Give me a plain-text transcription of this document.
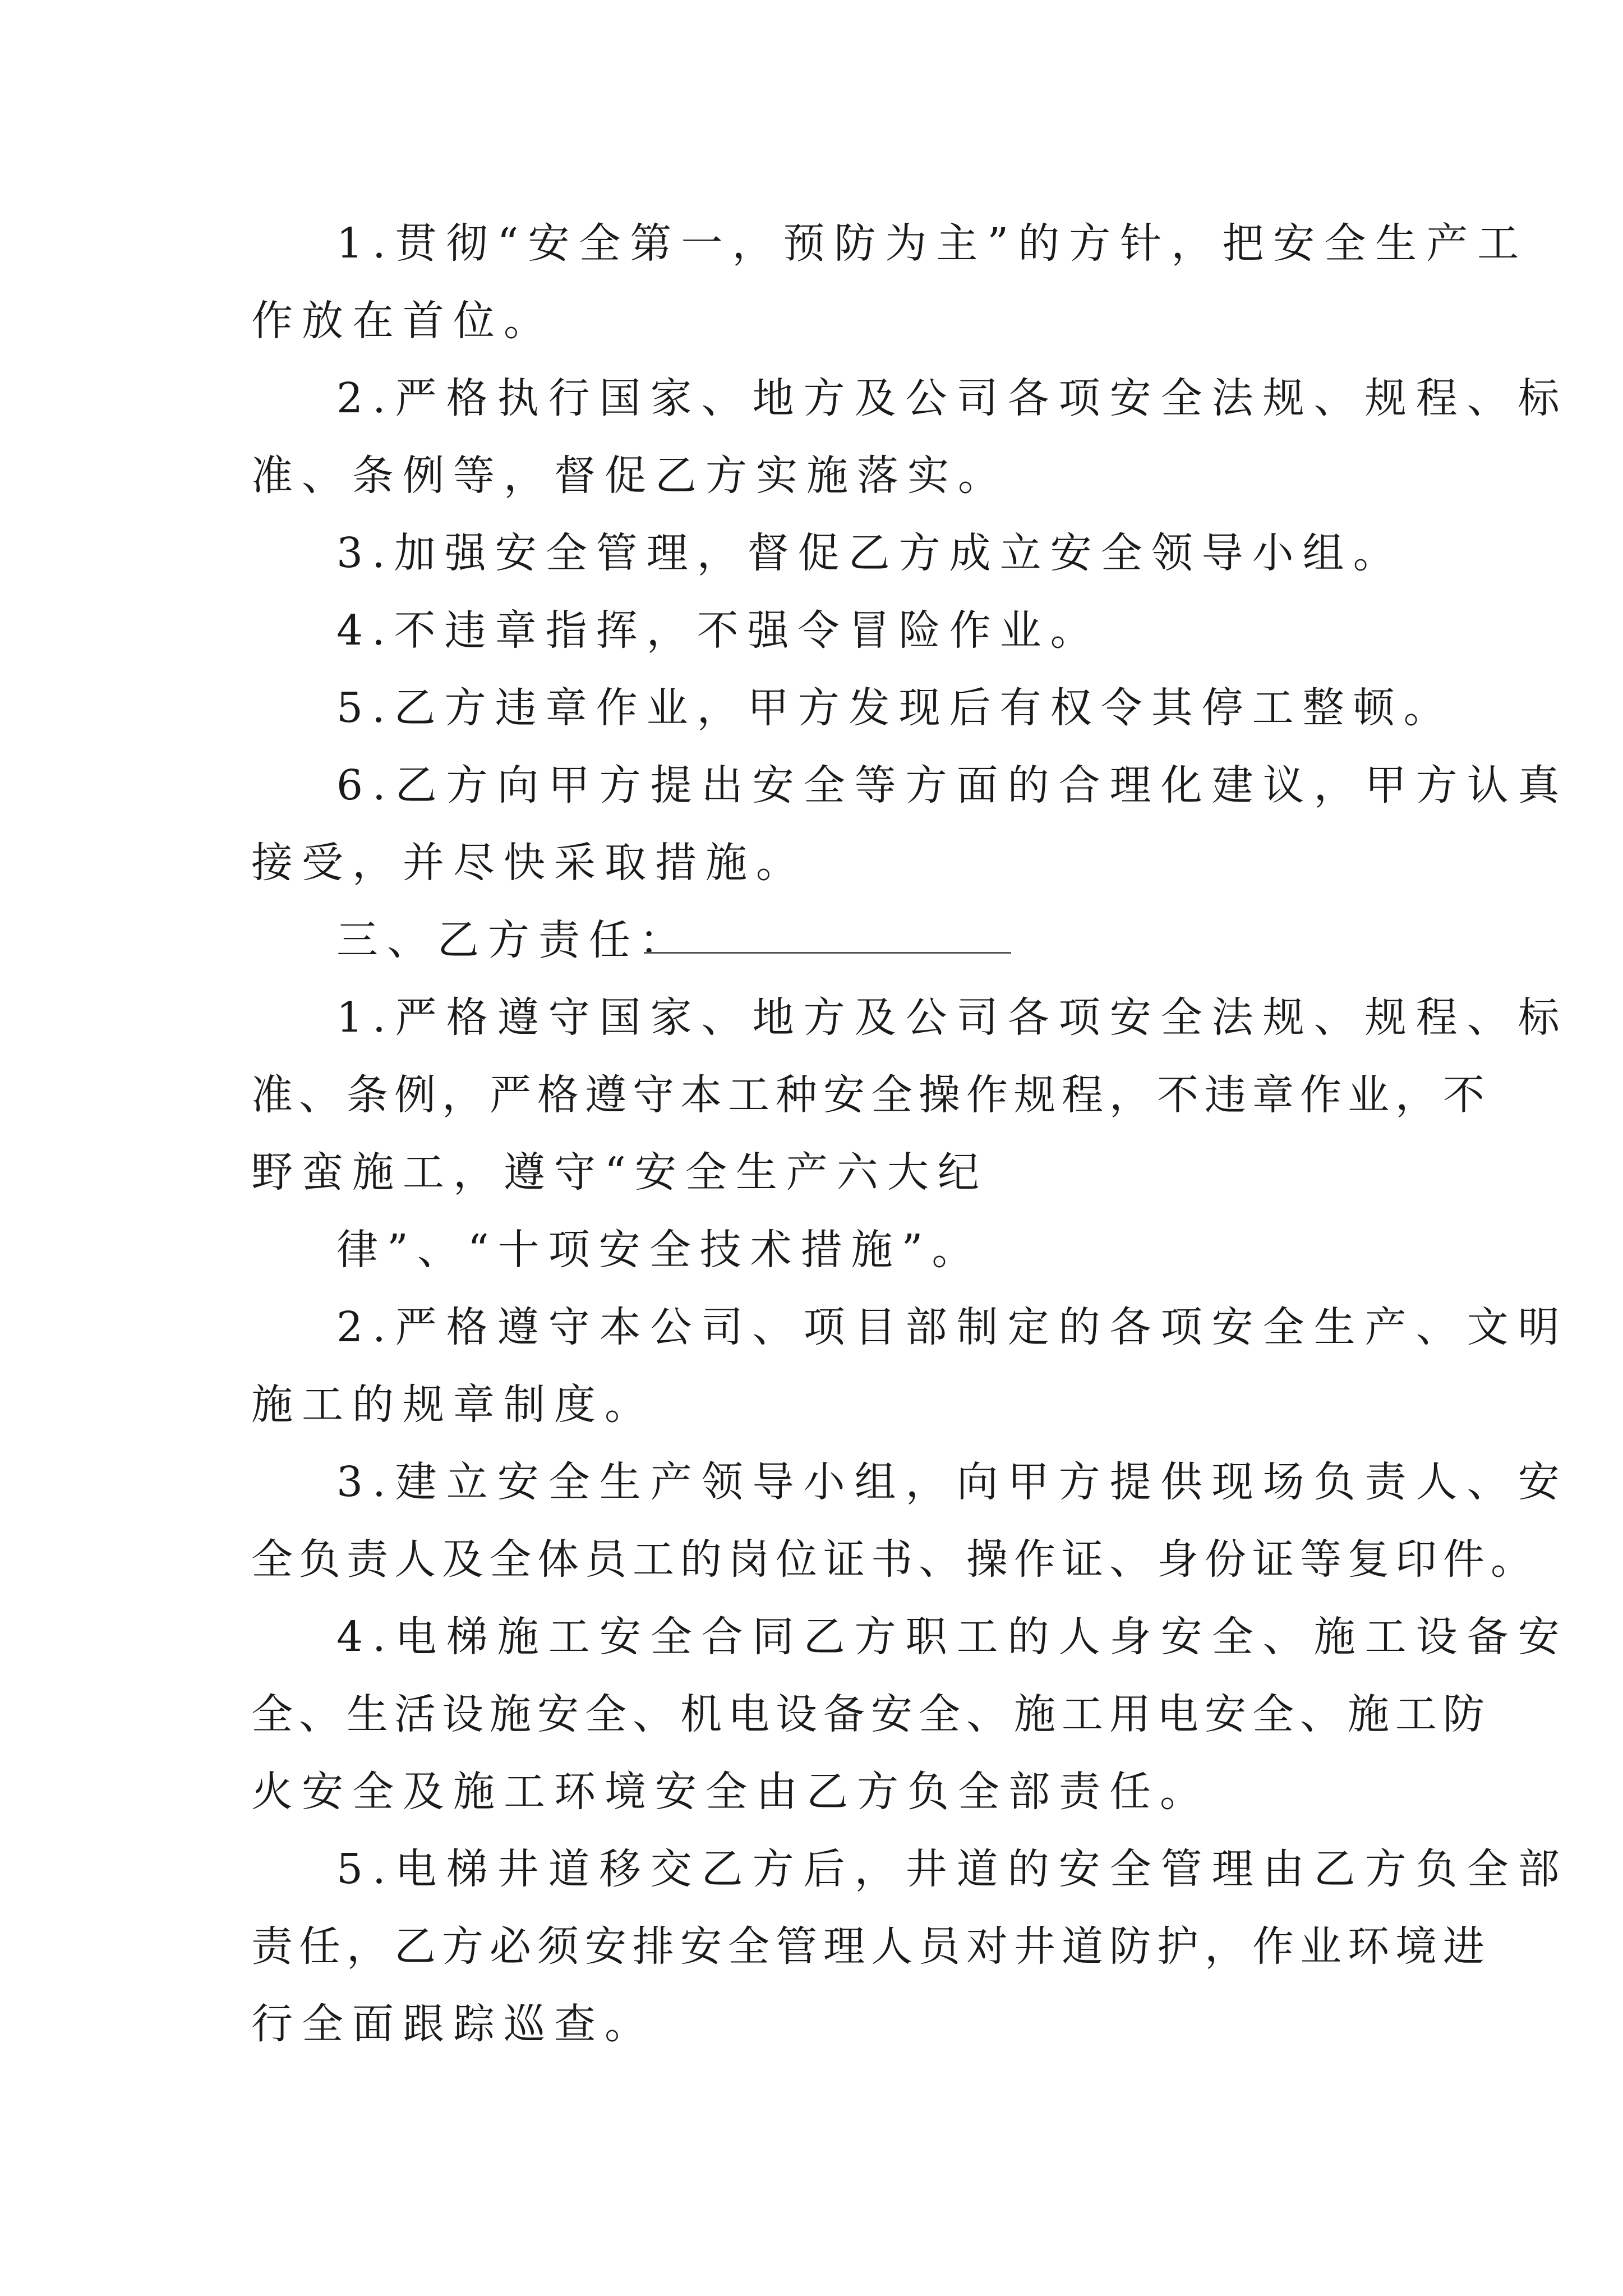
1.贯彻“安全第一，预防为主”的方针，把安全生产工
作放在首位。
2.严格执行国家、地方及公司各项安全法规、规程、标
准、条例等，督促乙方实施落实。
3.加强安全管理，督促乙方成立安全领导小组。
4.不违章指挥，不强令冒险作业。
5.乙方违章作业，甲方发现后有权令其停工整顿。
6.乙方向甲方提出安全等方面的合理化建议，甲方认真
接受，并尽快采取措施。
三、乙方责任：
1.严格遵守国家、地方及公司各项安全法规、规程、标
准、条例，严格遵守本工种安全操作规程，不违章作业，不
野蛮施工，遵守“安全生产六大纪
律”、“十项安全技术措施”。
2.严格遵守本公司、项目部制定的各项安全生产、文明
施工的规章制度。
3.建立安全生产领导小组，向甲方提供现场负责人、安
全负责人及全体员工的岗位证书、操作证、身份证等复印件。
4.电梯施工安全合同乙方职工的人身安全、施工设备安
全、生活设施安全、机电设备安全、施工用电安全、施工防
火安全及施工环境安全由乙方负全部责任。
5.电梯井道移交乙方后，井道的安全管理由乙方负全部
责任，乙方必须安排安全管理人员对井道防护，作业环境进
行全面跟踪巡查。
